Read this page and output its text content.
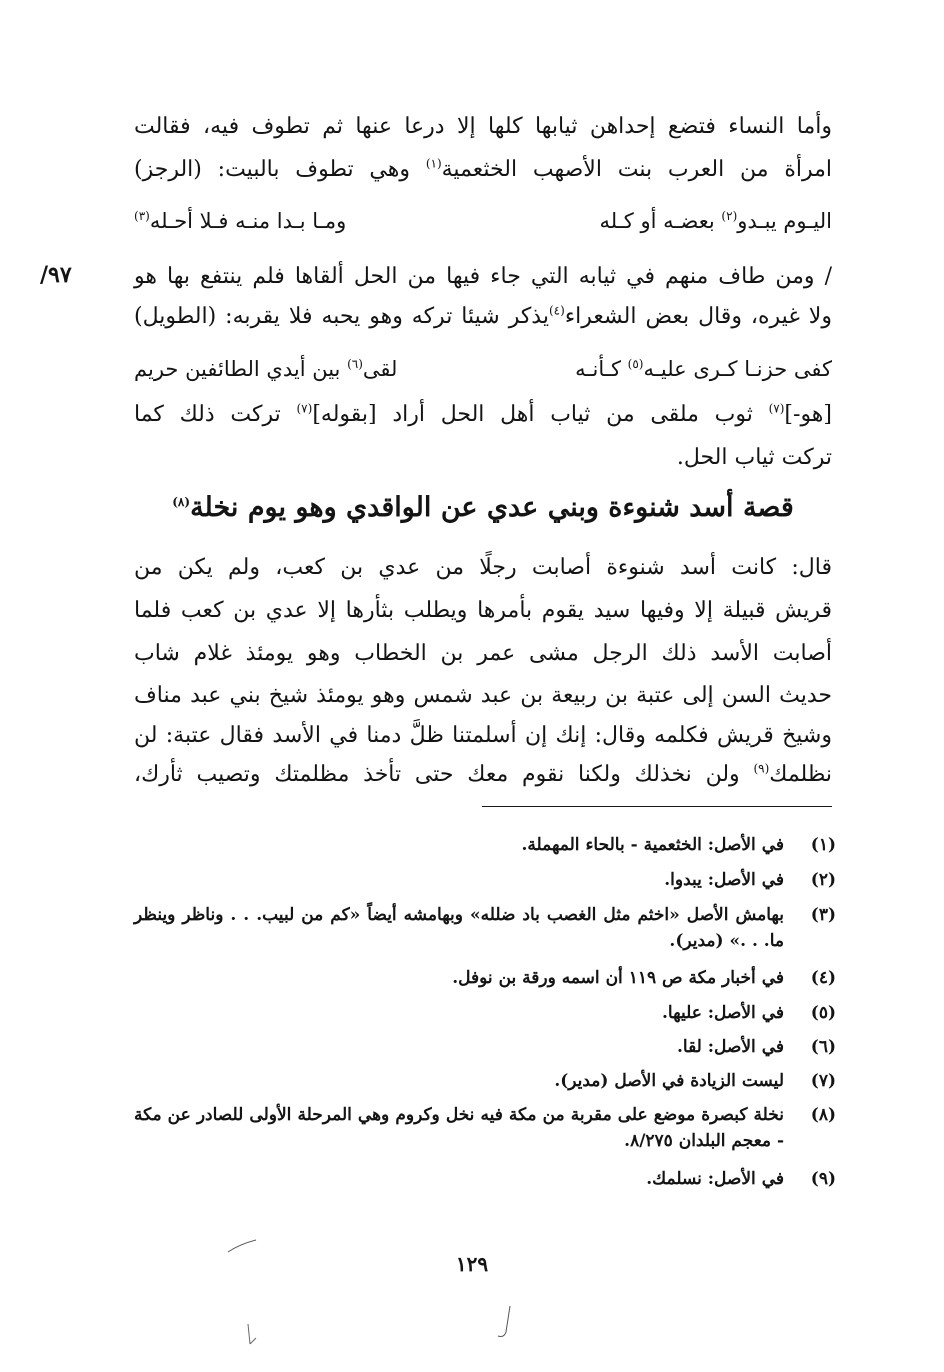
وأما النساء فتضع إحداهن ثيابها كلها إلا درعا عنها ثم تطوف فيه، فقالت
امرأة من العرب بنت الأصهب الخثعمية$^{(١)}$ وهي تطوف بالبيت: (الرجز)
اليـوم يبـدو$^{(٢)}$ بعضـه أو كـله
ومـا بـدا منـه فـلا أحـله$^{(٣)}$
٩٧/	/ ومن طاف منهم في ثيابه التي جاء فيها من الحل ألقاها فلم ينتفع بها هو
ولا غيره، وقال بعض الشعراء$^{(٤)}$يذكر شيئا تركه وهو يحبه فلا يقربه: (الطويل)
كفى حزنـا كـرى عليـه$^{(٥)}$ كـأنـه
لقى$^{(٦)}$ بين أيدي الطائفين حريم
[هو-]$^{(٧)}$ ثوب ملقى من ثياب أهل الحل أراد [بقوله]$^{(٧)}$ تركت ذلك كما
تركت ثياب الحل.
قصة أسد شنوءة وبني عدي عن الواقدي وهو يوم نخلة$^{(٨)}$
قال: كانت أسد شنوءة أصابت رجلًا من عدي بن كعب، ولم يكن من
قريش قبيلة إلا وفيها سيد يقوم بأمرها ويطلب بثأرها إلا عدي بن كعب فلما
أصابت الأسد ذلك الرجل مشى عمر بن الخطاب وهو يومئذ غلام شاب
حديث السن إلى عتبة بن ربيعة بن عبد شمس وهو يومئذ شيخ بني عبد مناف
وشيخ قريش فكلمه وقال: إنك إن أسلمتنا ظلَّ دمنا في الأسد فقال عتبة: لن
نظلمك$^{(٩)}$ ولن نخذلك ولكنا نقوم معك حتى تأخذ مظلمتك وتصيب ثأرك،
(١)
في الأصل: الخثعمية - بالحاء المهملة.
(٢)
في الأصل: يبدوا.
(٣)
بهامش الأصل «اخثم مثل الغصب باد ضلله» وبهامشه أيضاً «كم من لبيب. . . وناظر وينظر ما. . .» (مدير).
(٤)
في أخبار مكة ص ١١٩ أن اسمه ورقة بن نوفل.
(٥)
في الأصل: عليها.
(٦)
في الأصل: لقا.
(٧)
ليست الزيادة في الأصل (مدير).
(٨)
نخلة كبصرة موضع على مقربة من مكة فيه نخل وكروم وهي المرحلة الأولى للصادر عن مكة - معجم البلدان ٨/٢٧٥.
(٩)
في الأصل: نسلمك.
١٢٩
